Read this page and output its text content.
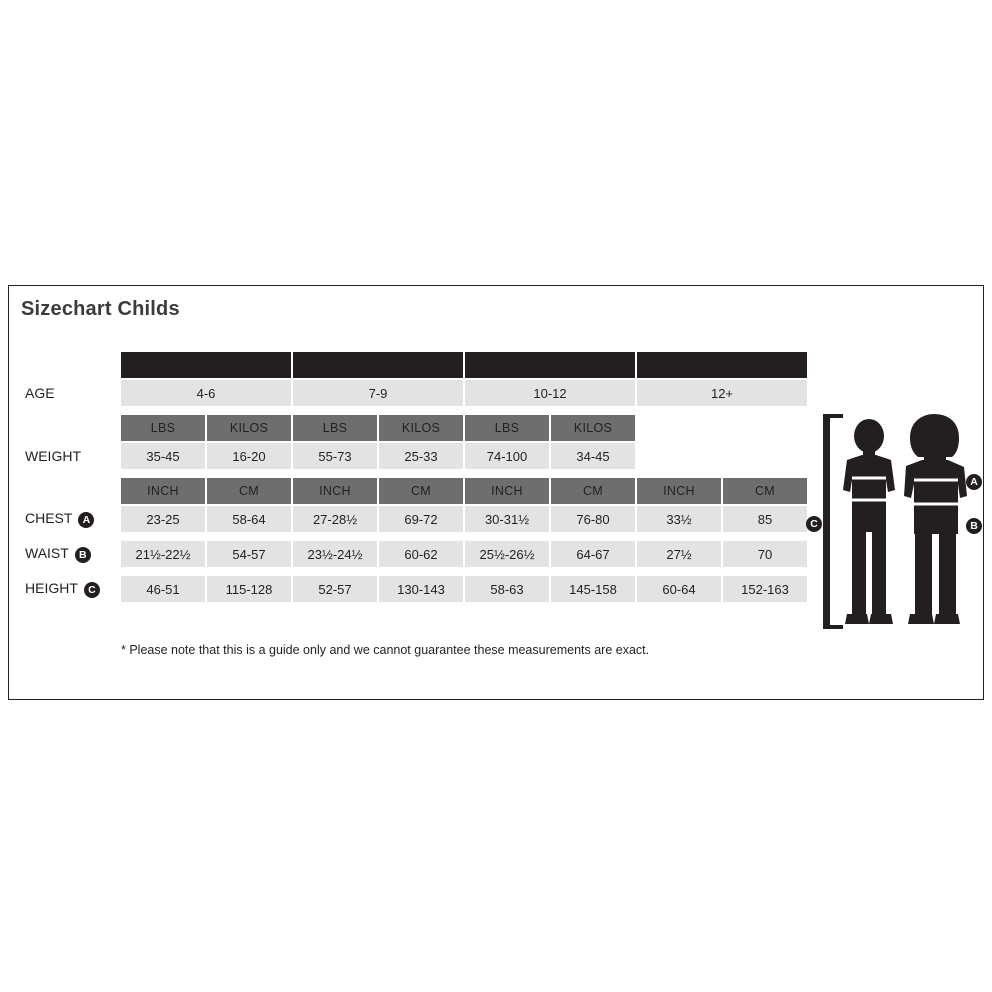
Sizechart Childs
	SMALL		MEDIUM		LARGE		TWEEN	
AGE	4-6		7-9		10-12		12+	

	LBS	KILOS	LBS	KILOS	LBS	KILOS		
WEIGHT	35-45	16-20	55-73	25-33	74-100	34-45		

	INCH	CM	INCH	CM	INCH	CM	INCH	CM
CHEST A	23-25	58-64	27-28½	69-72	30-31½	76-80	33½	85

WAIST B	21½-22½	54-57	23½-24½	60-62	25½-26½	64-67	27½	70

HEIGHT C	46-51	115-128	52-57	130-143	58-63	145-158	60-64	152-163
* Please note that this is a guide only and we cannot guarantee these measurements are exact.
A
B
C
